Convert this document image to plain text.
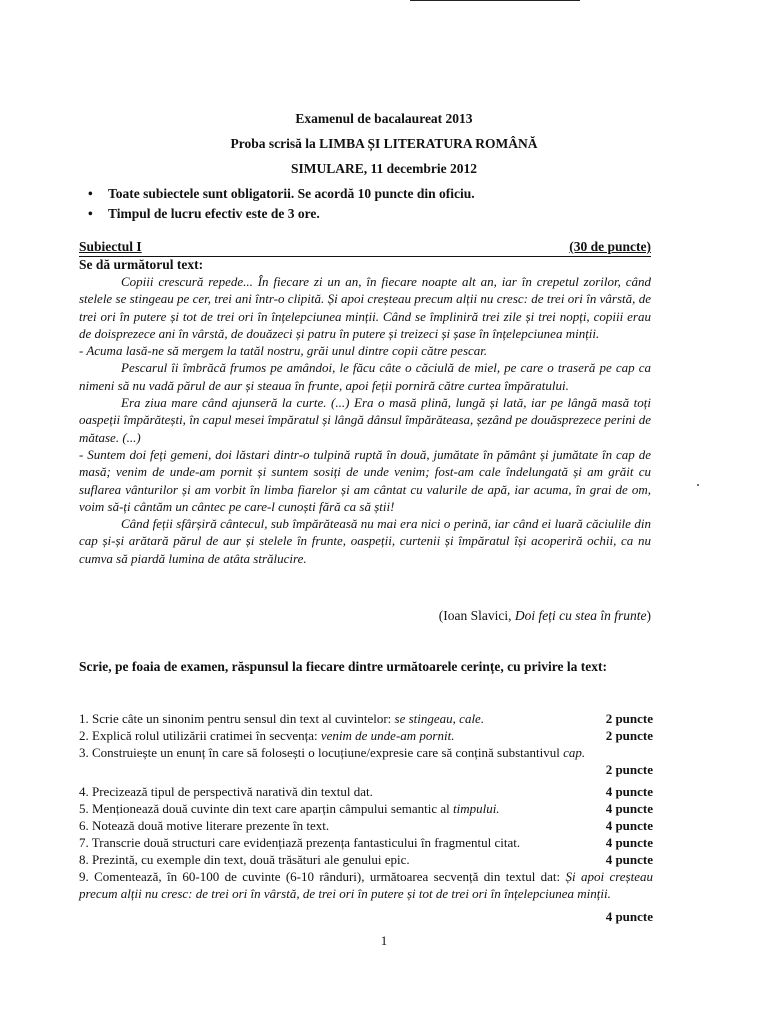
Examenul de bacalaureat 2013
Proba scrisă la LIMBA ȘI LITERATURA ROMÂNĂ
SIMULARE, 11 decembrie 2012
• Toate subiectele sunt obligatorii. Se acordă 10 puncte din oficiu.
• Timpul de lucru efectiv este de 3 ore.
Subiectul I	(30 de puncte)
Se dă următorul text:

Copiii crescură repede... În fiecare zi un an, în fiecare noapte alt an, iar în crepetul zorilor, când stelele se stingeau pe cer, trei ani într-o clipită. Și apoi creșteau precum alții nu cresc: de trei ori în vârstă, de trei ori în putere și tot de trei ori în înțelepciunea minții. Când se împliniră trei zile și trei nopți, copiii erau de doisprezece ani în vârstă, de douăzeci și patru în putere și treizeci și șase în înțelepciunea minții.

- Acuma lasă-ne să mergem la tatăl nostru, grăi unul dintre copii către pescar.

Pescarul îi îmbrăcă frumos pe amândoi, le făcu câte o căciulă de miel, pe care o traseră pe cap ca nimeni să nu vadă părul de aur și steaua în frunte, apoi feții porniră către curtea împăratului.

Era ziua mare când ajunseră la curte. (...) Era o masă plină, lungă și lată, iar pe lângă masă toți oaspeții împărătești, în capul mesei împăratul și lângă dânsul împărăteasa, șezând pe douăsprezece perini de mătase. (...)

- Suntem doi feți gemeni, doi lăstari dintr-o tulpină ruptă în două, jumătate în pământ și jumătate în cap de masă; venim de unde-am pornit și suntem sosiți de unde venim; fost-am cale îndelungată și am grăit cu suflarea vânturilor și am vorbit în limba fiarelor și am cântat cu valurile de apă, iar acuma, în grai de om, voim să-ți cântăm un cântec pe care-l cunoști fără ca să știi!

Când feții sfârșiră cântecul, sub împărăteasă nu mai era nici o perină, iar când ei luară căciulile din cap și-și arătară părul de aur și stelele în frunte, oaspeții, curtenii și împăratul își acoperiră ochii, ca nu cumva să piardă lumina de atâta strălucire.

(Ioan Slavici, Doi feți cu stea în frunte)
Scrie, pe foaia de examen, răspunsul la fiecare dintre următoarele cerințe, cu privire la text:
1. Scrie câte un sinonim pentru sensul din text al cuvintelor: se stingeau, cale.	2 puncte
2. Explică rolul utilizării cratimei în secvența: venim de unde-am pornit.	2 puncte
3. Construiește un enunț în care să folosești o locuțiune/expresie care să conțină substantivul cap.
2 puncte
4. Precizează tipul de perspectivă narativă din textul dat.	4 puncte
5. Menționează două cuvinte din text care aparțin câmpului semantic al timpului.	4 puncte
6. Notează două motive literare prezente în text.	4 puncte
7. Transcrie două structuri care evidențiază prezența fantasticului în fragmentul citat.	4 puncte
8. Prezintă, cu exemple din text, două trăsături ale genului epic.	4 puncte
9. Comentează, în 60-100 de cuvinte (6-10 rânduri), următoarea secvență din textul dat: Și apoi creșteau precum alții nu cresc: de trei ori în vârstă, de trei ori în putere și tot de trei ori în înțelepciunea minții.
4 puncte
1
